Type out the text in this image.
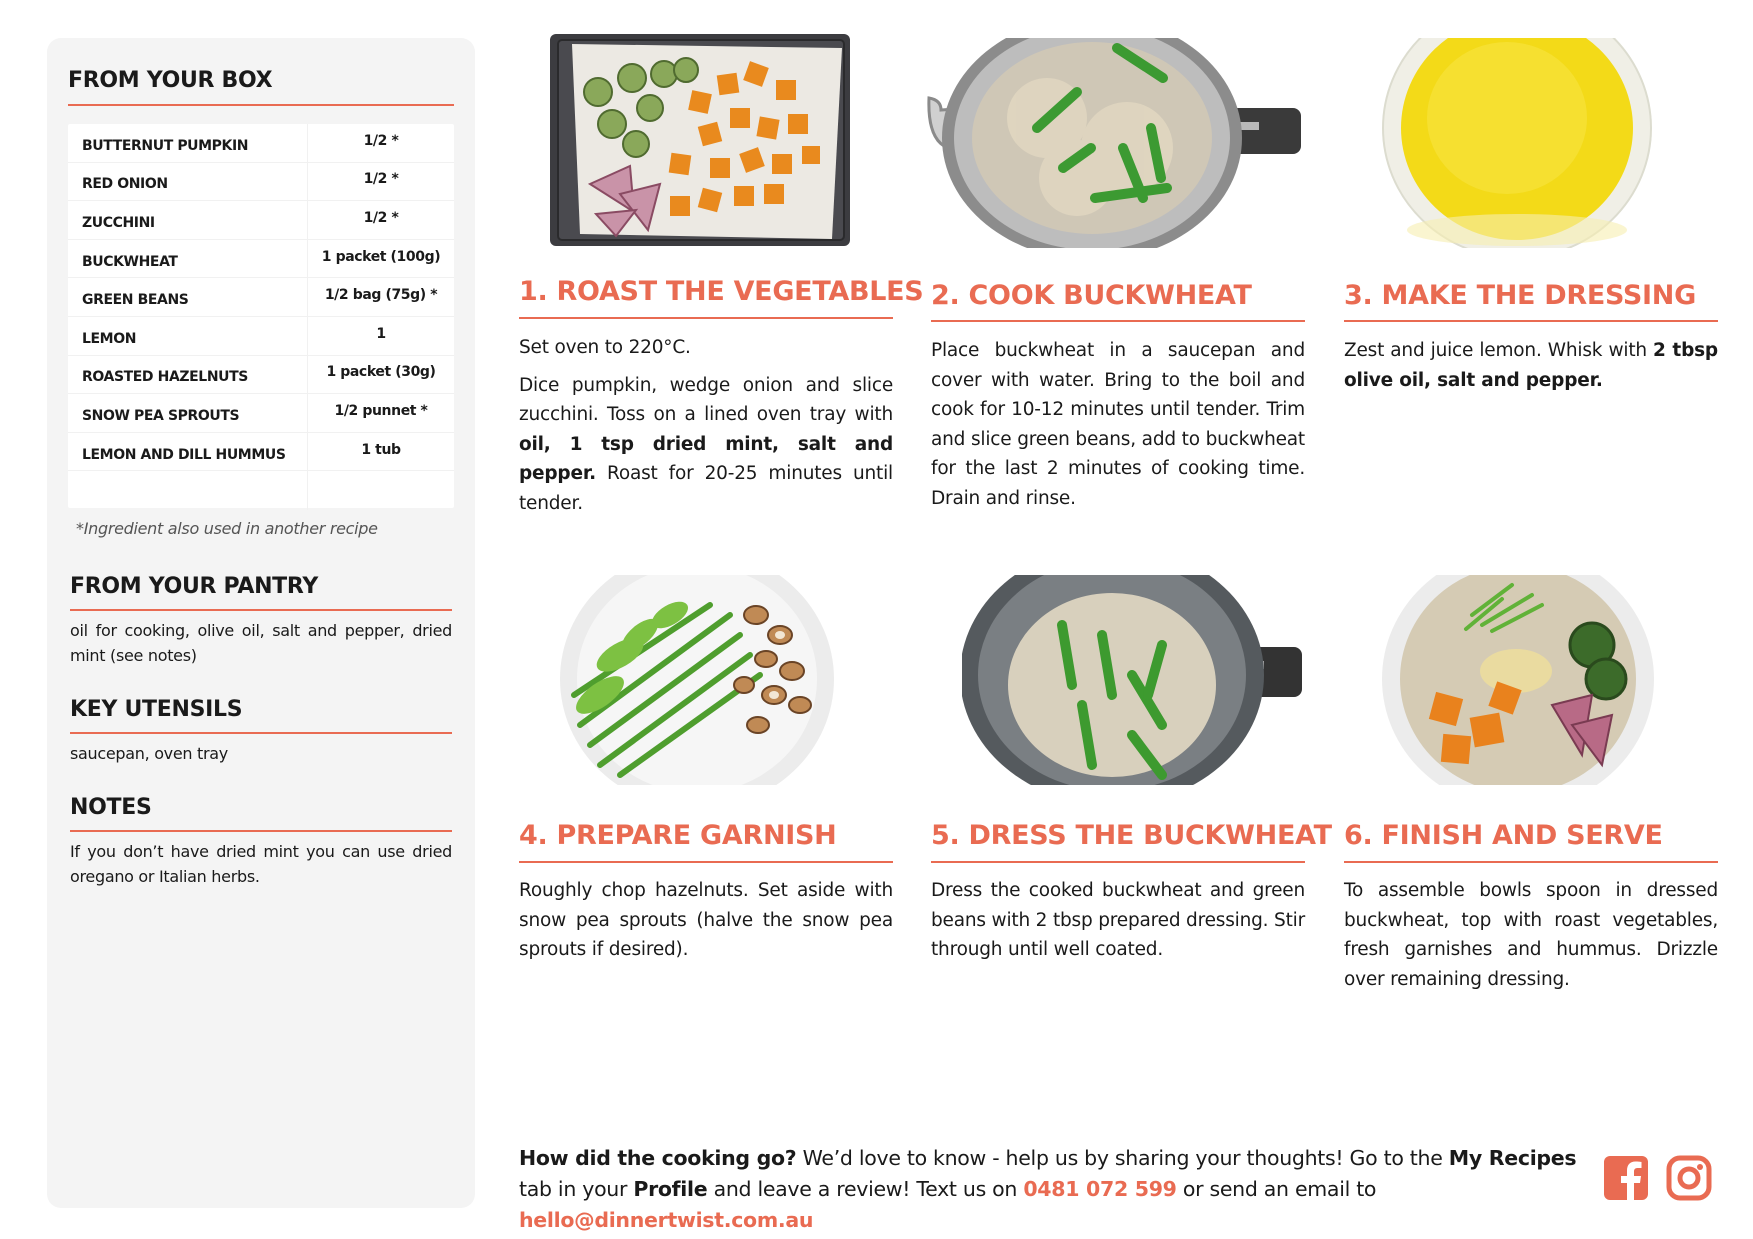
FROM YOUR BOX
BUTTERNUT PUMPKIN	1/2 *
RED ONION	1/2 *
ZUCCHINI	1/2 *
BUCKWHEAT	1 packet (100g)
GREEN BEANS	1/2 bag (75g) *
LEMON	1
ROASTED HAZELNUTS	1 packet (30g)
SNOW PEA SPROUTS	1/2 punnet *
LEMON AND DILL HUMMUS	1 tub
*Ingredient also used in another recipe
FROM YOUR PANTRY
oil for cooking, olive oil, salt and pepper, dried mint (see notes)
KEY UTENSILS
saucepan, oven tray
NOTES
If you don’t have dried mint you can use dried oregano or Italian herbs.
1. ROAST THE VEGETABLES

Set oven to 220°C.

Dice pumpkin, wedge onion and slice zucchini. Toss on a lined oven tray with oil, 1 tsp dried mint, salt and pepper. Roast for 20-25 minutes until tender.

2. COOK BUCKWHEAT

Place buckwheat in a saucepan and cover with water. Bring to the boil and cook for 10-12 minutes until tender. Trim and slice green beans, add to buckwheat for the last 2 minutes of cooking time. Drain and rinse.

3. MAKE THE DRESSING

Zest and juice lemon. Whisk with 2 tbsp olive oil, salt and pepper.

4. PREPARE GARNISH

Roughly chop hazelnuts. Set aside with snow pea sprouts (halve the snow pea sprouts if desired).

5. DRESS THE BUCKWHEAT

Dress the cooked buckwheat and green beans with 2 tbsp prepared dressing. Stir through until well coated.

6. FINISH AND SERVE

To assemble bowls spoon in dressed buckwheat, top with roast vegetables, fresh garnishes and hummus. Drizzle over remaining dressing.

How did the cooking go? We’d love to know - help us by sharing your thoughts! Go to the My Recipes tab in your Profile and leave a review! Text us on 0481 072 599 or send an email to hello@dinnertwist.com.au
